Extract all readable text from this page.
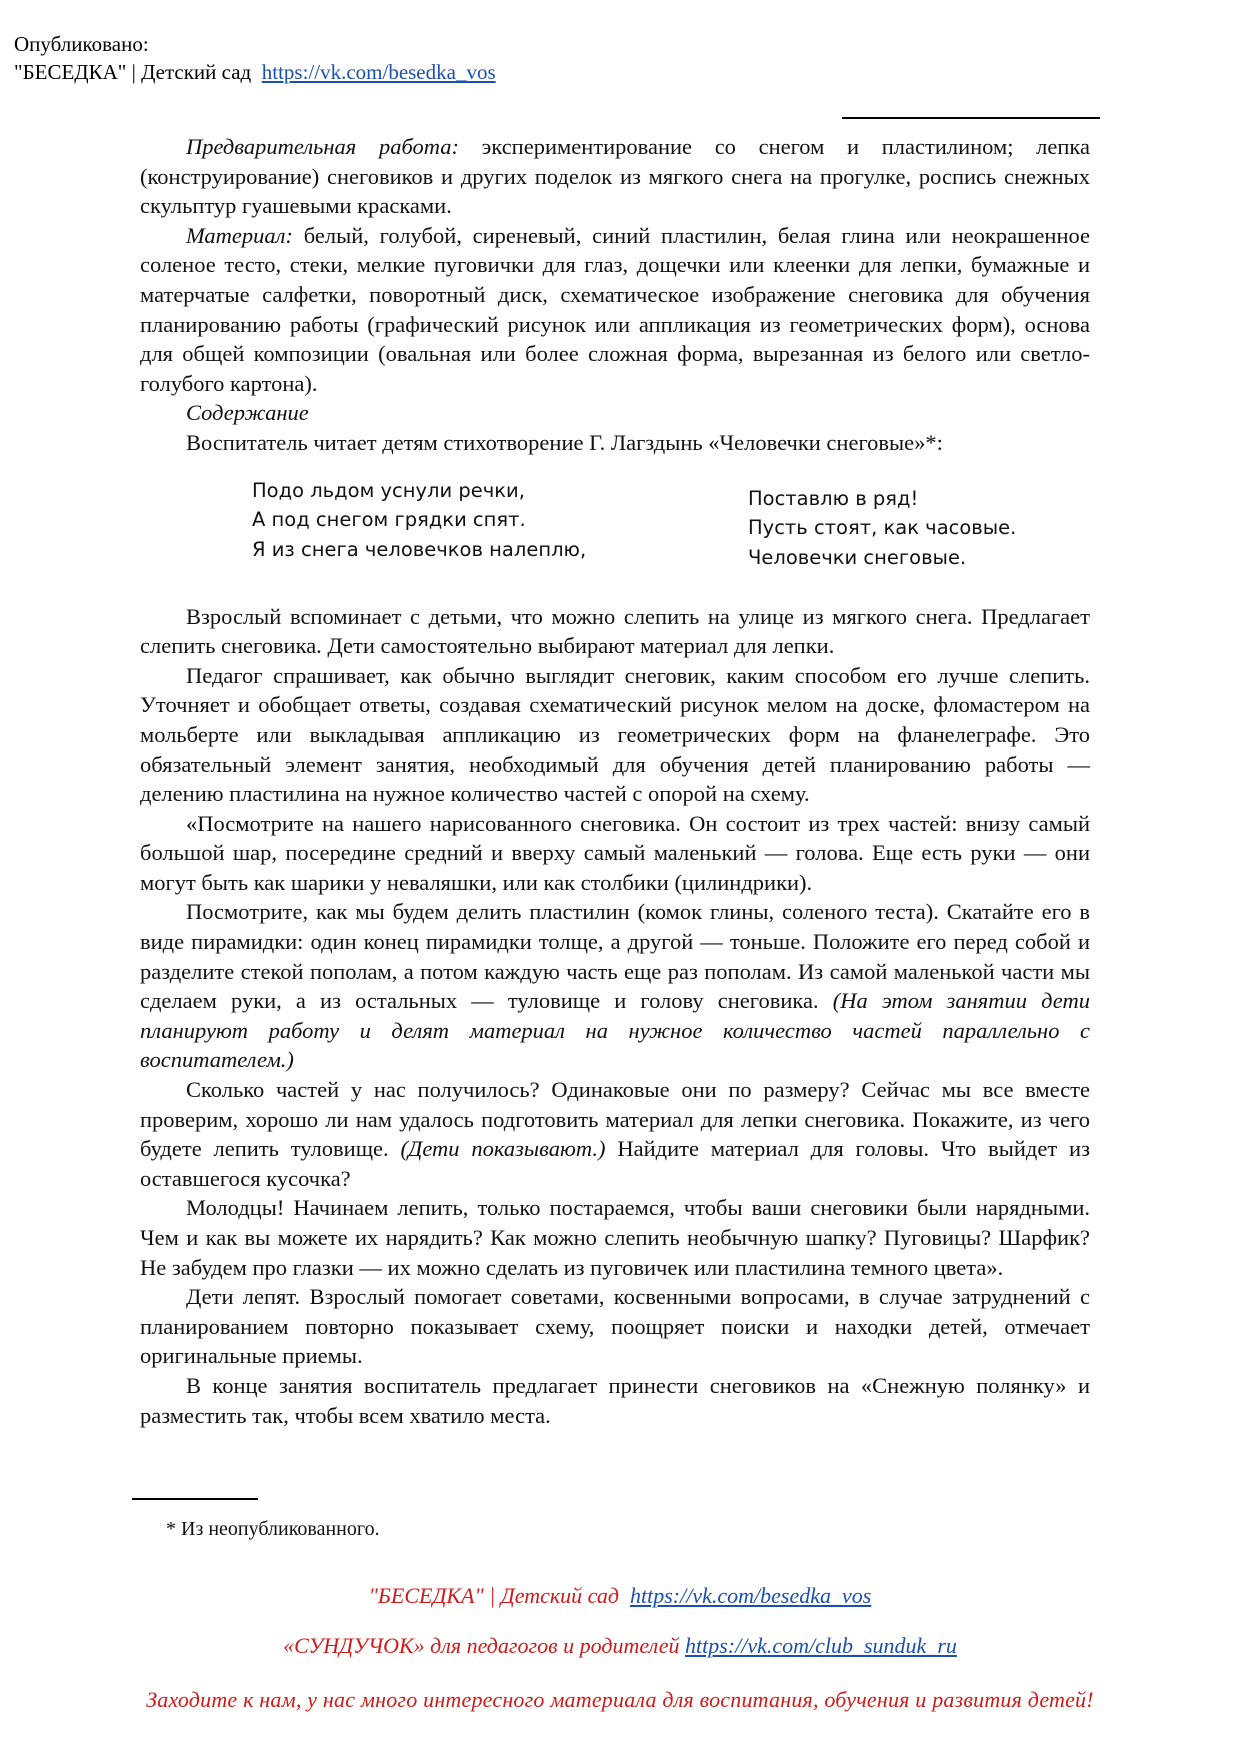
Опубликовано:
"БЕСЕДКА" | Детский сад https://vk.com/besedka_vos

Предварительная работа: экспериментирование со снегом и пластилином; лепка (конструирование) снеговиков и других поделок из мягкого снега на прогулке, роспись снежных скульптур гуашевыми красками.

Материал: белый, голубой, сиреневый, синий пластилин, белая глина или неокрашенное соленое тесто, стеки, мелкие пуговички для глаз, дощечки или клеенки для лепки, бумажные и матерчатые салфетки, поворотный диск, схематическое изображение снеговика для обучения планированию работы (графический рисунок или аппликация из геометрических форм), основа для общей композиции (овальная или более сложная форма, вырезанная из белого или светло-голубого картона).

Содержание

Воспитатель читает детям стихотворение Г. Лагздынь «Человечки снеговые»*:

Подо льдом уснули речки,
А под снегом грядки спят.
Я из снега человечков налеплю,
Поставлю в ряд!
Пусть стоят, как часовые.
Человечки снеговые.

Взрослый вспоминает с детьми, что можно слепить на улице из мягкого снега. Предлагает слепить снеговика. Дети самостоятельно выбирают материал для лепки.

Педагог спрашивает, как обычно выглядит снеговик, каким способом его лучше слепить. Уточняет и обобщает ответы, создавая схематический рисунок мелом на доске, фломастером на мольберте или выкладывая аппликацию из геометрических форм на фланелеграфе. Это обязательный элемент занятия, необходимый для обучения детей планированию работы — делению пластилина на нужное количество частей с опорой на схему.

«Посмотрите на нашего нарисованного снеговика. Он состоит из трех частей: внизу самый большой шар, посередине средний и вверху самый маленький — голова. Еще есть руки — они могут быть как шарики у неваляшки, или как столбики (цилиндрики).

Посмотрите, как мы будем делить пластилин (комок глины, соленого теста). Скатайте его в виде пирамидки: один конец пирамидки толще, а другой — тоньше. Положите его перед собой и разделите стекой пополам, а потом каждую часть еще раз пополам. Из самой маленькой части мы сделаем руки, а из остальных — туловище и голову снеговика. (На этом занятии дети планируют работу и делят материал на нужное количество частей параллельно с воспитателем.)

Сколько частей у нас получилось? Одинаковые они по размеру? Сейчас мы все вместе проверим, хорошо ли нам удалось подготовить материал для лепки снеговика. Покажите, из чего будете лепить туловище. (Дети показывают.) Найдите материал для головы. Что выйдет из оставшегося кусочка?

Молодцы! Начинаем лепить, только постараемся, чтобы ваши снеговики были нарядными. Чем и как вы можете их нарядить? Как можно слепить необычную шапку? Пуговицы? Шарфик? Не забудем про глазки — их можно сделать из пуговичек или пластилина темного цвета».

Дети лепят. Взрослый помогает советами, косвенными вопросами, в случае затруднений с планированием повторно показывает схему, поощряет поиски и находки детей, отмечает оригинальные приемы.

В конце занятия воспитатель предлагает принести снеговиков на «Снежную полянку» и разместить так, чтобы всем хватило места.

* Из неопубликованного.
"БЕСЕДКА" | Детский сад https://vk.com/besedka_vos
«СУНДУЧОК» для педагогов и родителей https://vk.com/club_sunduk_ru
Заходите к нам, у нас много интересного материала для воспитания, обучения и развития детей!
